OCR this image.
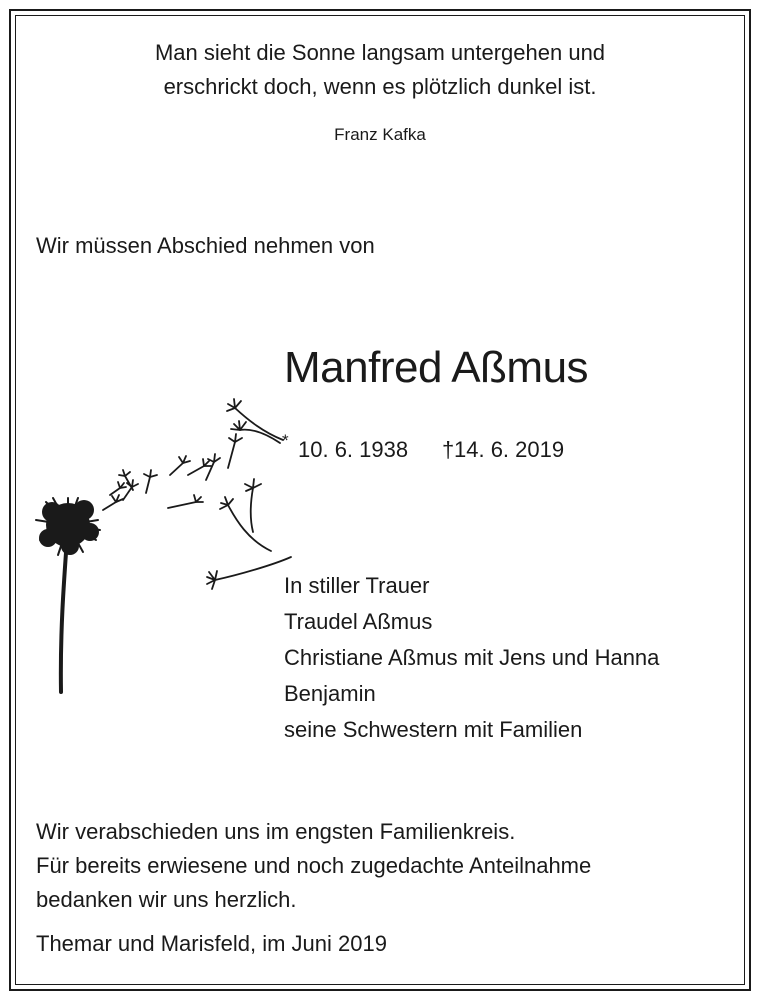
Man sieht die Sonne langsam untergehen und
erschrickt doch, wenn es plötzlich dunkel ist.
Franz Kafka
Wir müssen Abschied nehmen von
Manfred Aßmus
* 10. 6. 1938 † 14. 6. 2019
In stiller Trauer
Traudel Aßmus
Christiane Aßmus mit Jens und Hanna
Benjamin
seine Schwestern mit Familien
Wir verabschieden uns im engsten Familienkreis.
Für bereits erwiesene und noch zugedachte Anteilnahme
bedanken wir uns herzlich.
Themar und Marisfeld, im Juni 2019
